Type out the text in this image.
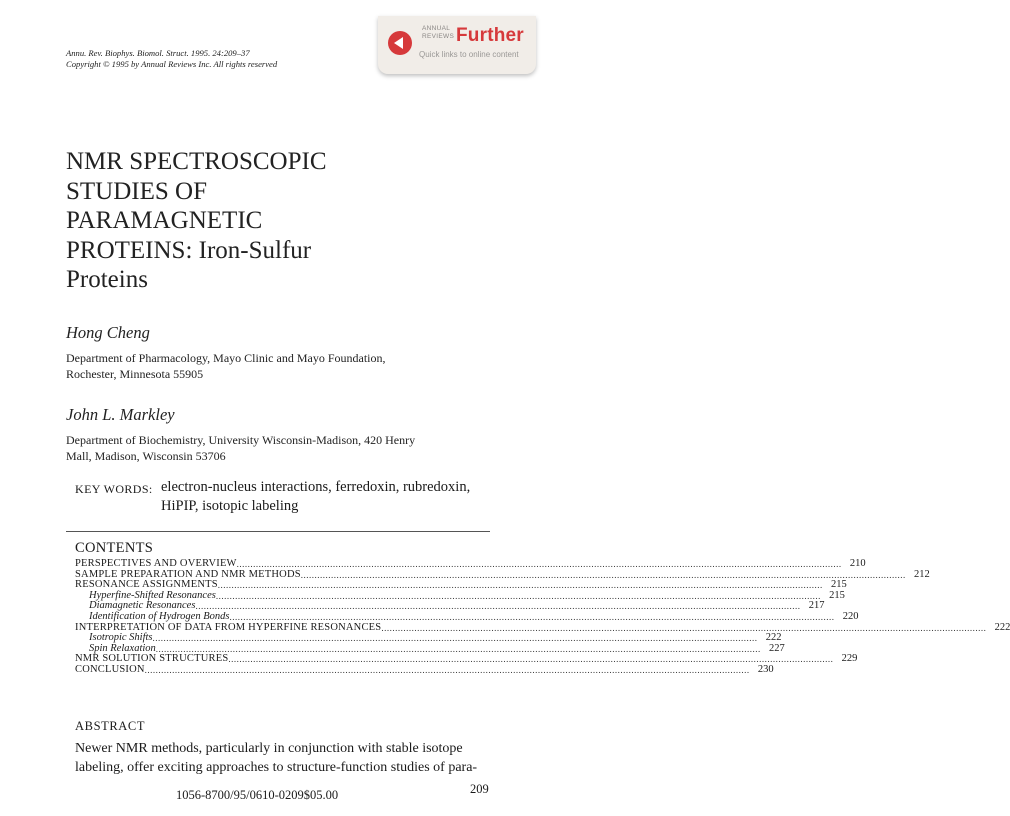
Annu. Rev. Biophys. Biomol. Struct. 1995. 24:209–37
Copyright © 1995 by Annual Reviews Inc. All rights reserved
ANNUAL
REVIEWS Further
Quick links to online content
NMR SPECTROSCOPIC
STUDIES OF
PARAMAGNETIC
PROTEINS: Iron-Sulfur
Proteins
Hong Cheng
Department of Pharmacology, Mayo Clinic and Mayo Foundation,
Rochester, Minnesota 55905
John L. Markley
Department of Biochemistry, University Wisconsin-Madison, 420 Henry
Mall, Madison, Wisconsin 53706
KEY WORDS: electron-nucleus interactions, ferredoxin, rubredoxin,
HiPIP, isotopic labeling
CONTENTS
PERSPECTIVES AND OVERVIEW ............................................................................................................................................................................................................................ 210
SAMPLE PREPARATION AND NMR METHODS ............................................................................................................................................................................................................................ 212
RESONANCE ASSIGNMENTS ............................................................................................................................................................................................................................ 215
Hyperfine-Shifted Resonances ............................................................................................................................................................................................................................ 215
Diamagnetic Resonances ............................................................................................................................................................................................................................ 217
Identification of Hydrogen Bonds ............................................................................................................................................................................................................................ 220
INTERPRETATION OF DATA FROM HYPERFINE RESONANCES ............................................................................................................................................................................................................................ 222
Isotropic Shifts ............................................................................................................................................................................................................................ 222
Spin Relaxation ............................................................................................................................................................................................................................ 227
NMR SOLUTION STRUCTURES ............................................................................................................................................................................................................................ 229
CONCLUSION ............................................................................................................................................................................................................................ 230
ABSTRACT
Newer NMR methods, particularly in conjunction with stable isotope
labeling, offer exciting approaches to structure-function studies of para-
1056-8700/95/0610-0209$05.00	209
